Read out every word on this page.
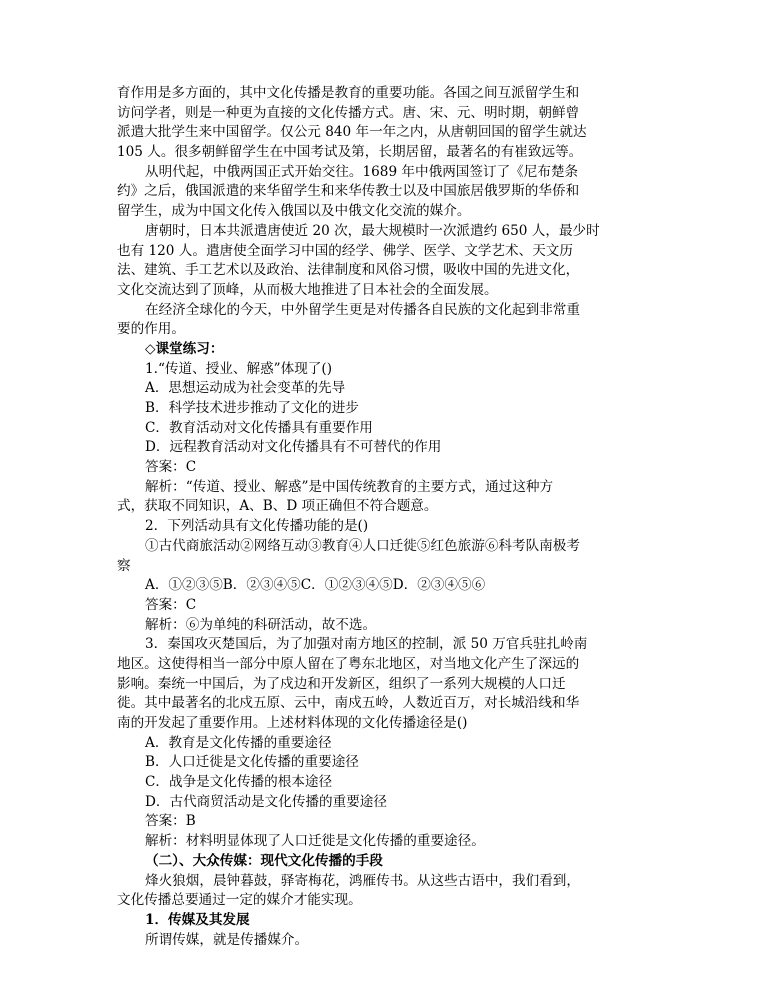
育作用是多方面的，其中文化传播是教育的重要功能。各国之间互派留学生和
访问学者，则是一种更为直接的文化传播方式。唐、宋、元、明时期，朝鲜曾
派遣大批学生来中国留学。仅公元 840 年一年之内，从唐朝回国的留学生就达
105 人。很多朝鲜留学生在中国考试及第，长期居留，最著名的有崔致远等。
从明代起，中俄两国正式开始交往。1689 年中俄两国签订了《尼布楚条
约》之后，俄国派遣的来华留学生和来华传教士以及中国旅居俄罗斯的华侨和
留学生，成为中国文化传入俄国以及中俄文化交流的媒介。
唐朝时，日本共派遣唐使近 20 次，最大规模时一次派遣约 650 人，最少时
也有 120 人。遣唐使全面学习中国的经学、佛学、医学、文学艺术、天文历
法、建筑、手工艺术以及政治、法律制度和风俗习惯，吸收中国的先进文化，
文化交流达到了顶峰，从而极大地推进了日本社会的全面发展。
在经济全球化的今天，中外留学生更是对传播各自民族的文化起到非常重
要的作用。
◇课堂练习：
1.“传道、授业、解惑”体现了()
A．思想运动成为社会变革的先导
B．科学技术进步推动了文化的进步
C．教育活动对文化传播具有重要作用
D．远程教育活动对文化传播具有不可替代的作用
答案：C
解析：“传道、授业、解惑”是中国传统教育的主要方式，通过这种方
式，获取不同知识，A、B、D 项正确但不符合题意。
2．下列活动具有文化传播功能的是()
①古代商旅活动②网络互动③教育④人口迁徙⑤红色旅游⑥科考队南极考
察
A．①②③⑤B．②③④⑤C．①②③④⑤D．②③④⑤⑥
答案：C
解析：⑥为单纯的科研活动，故不选。
3．秦国攻灭楚国后，为了加强对南方地区的控制，派 50 万官兵驻扎岭南
地区。这使得相当一部分中原人留在了粤东北地区，对当地文化产生了深远的
影响。秦统一中国后，为了戍边和开发新区，组织了一系列大规模的人口迁
徙。其中最著名的北戍五原、云中，南戍五岭，人数近百万，对长城沿线和华
南的开发起了重要作用。上述材料体现的文化传播途径是()
A．教育是文化传播的重要途径
B．人口迁徙是文化传播的重要途径
C．战争是文化传播的根本途径
D．古代商贸活动是文化传播的重要途径
答案：B
解析：材料明显体现了人口迁徙是文化传播的重要途径。
（二）、大众传媒：现代文化传播的手段
烽火狼烟，晨钟暮鼓，驿寄梅花，鸿雁传书。从这些古语中，我们看到，
文化传播总要通过一定的媒介才能实现。
1．传媒及其发展
所谓传媒，就是传播媒介。
